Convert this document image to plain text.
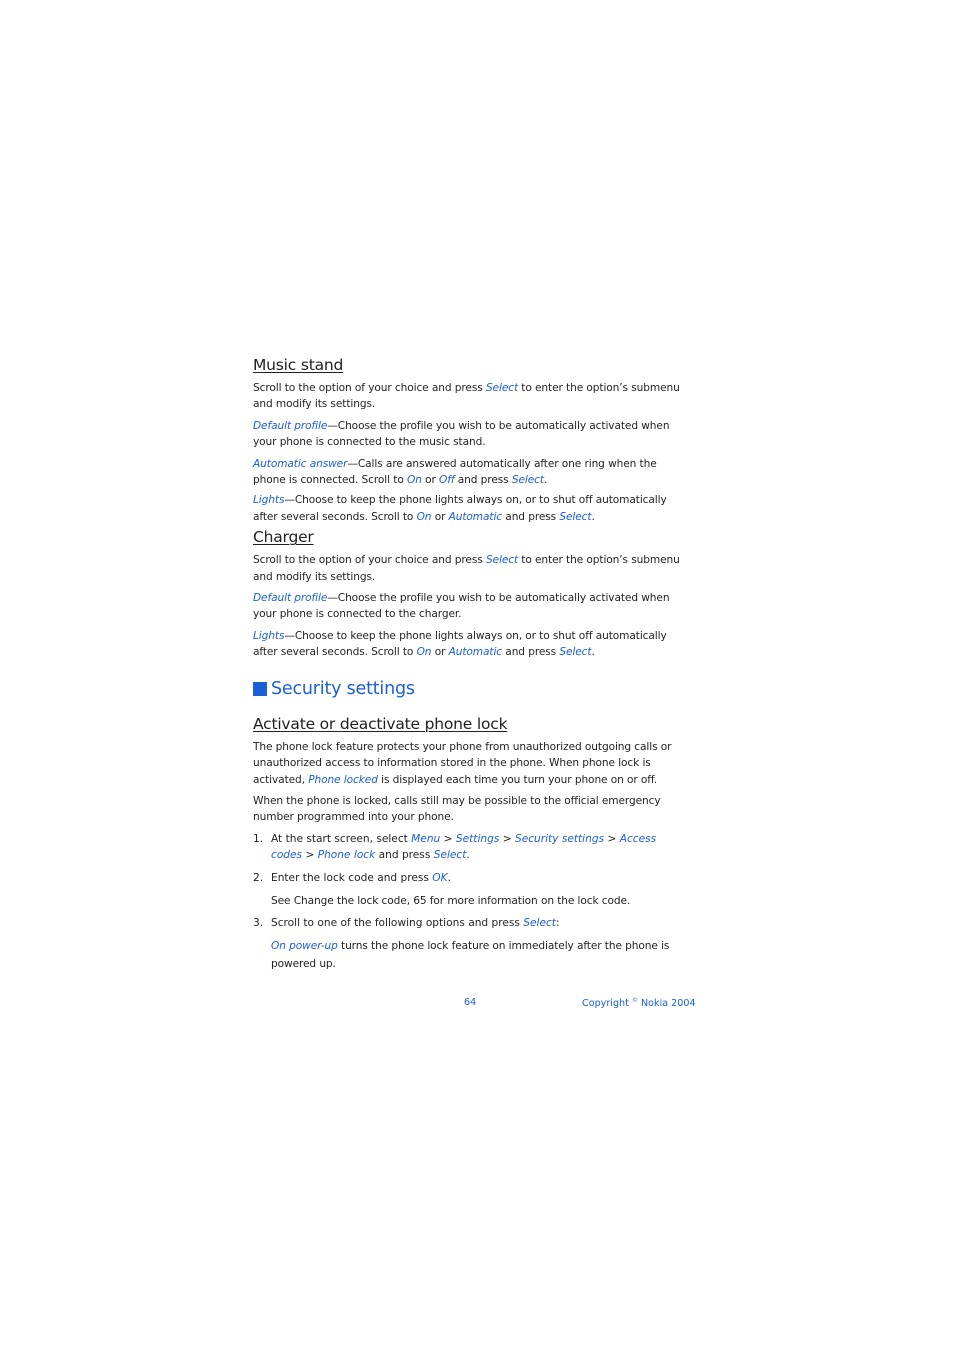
Music stand

Scroll to the option of your choice and press Select to enter the option’s submenu and modify its settings.

Default profile—Choose the profile you wish to be automatically activated when your phone is connected to the music stand.

Automatic answer—Calls are answered automatically after one ring when the phone is connected. Scroll to On or Off and press Select.

Lights—Choose to keep the phone lights always on, or to shut off automatically after several seconds. Scroll to On or Automatic and press Select.

Charger

Scroll to the option of your choice and press Select to enter the option’s submenu and modify its settings.

Default profile—Choose the profile you wish to be automatically activated when your phone is connected to the charger.

Lights—Choose to keep the phone lights always on, or to shut off automatically after several seconds. Scroll to On or Automatic and press Select.

Security settings
Activate or deactivate phone lock

The phone lock feature protects your phone from unauthorized outgoing calls or unauthorized access to information stored in the phone. When phone lock is activated, Phone locked is displayed each time you turn your phone on or off.

When the phone is locked, calls still may be possible to the official emergency number programmed into your phone.

1. At the start screen, select Menu > Settings > Security settings > Access codes > Phone lock and press Select.
2. Enter the lock code and press OK.

See Change the lock code, 65 for more information on the lock code.

3. Scroll to one of the following options and press Select:

On power-up turns the phone lock feature on immediately after the phone is powered up.

64	Copyright © Nokia 2004
